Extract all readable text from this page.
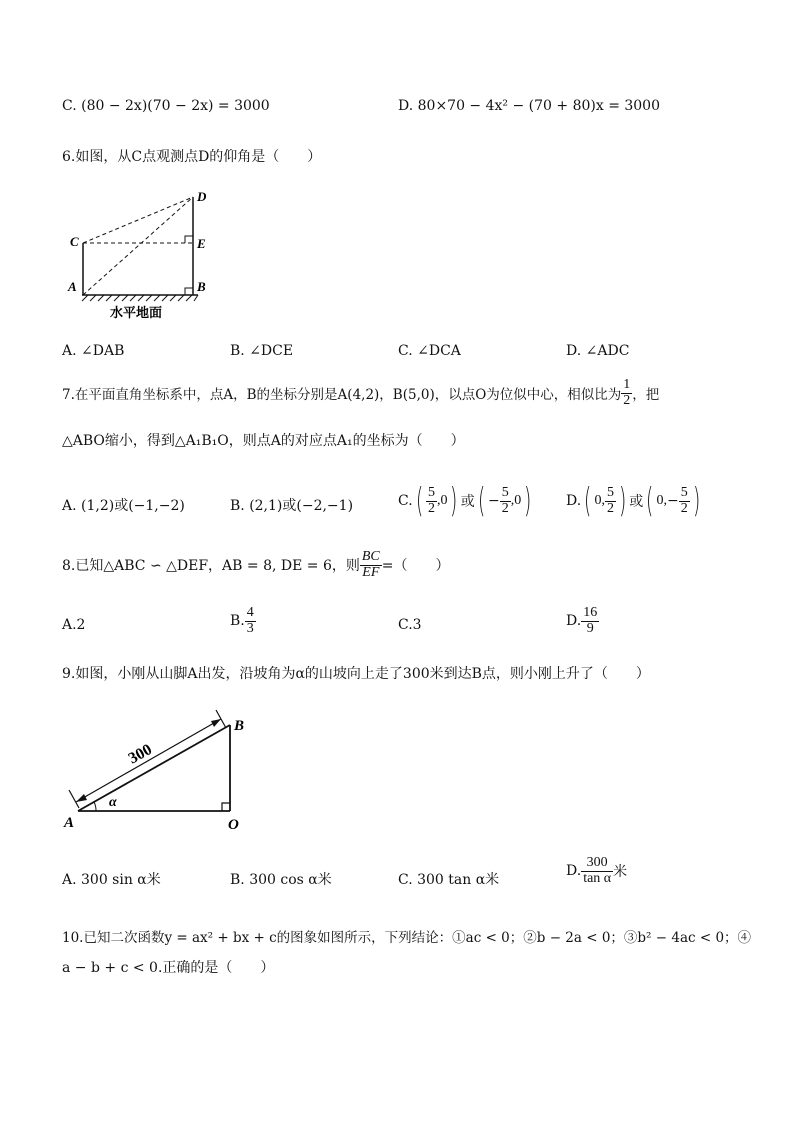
C. (80 − 2x)(70 − 2x) = 3000	D. 80×70 − 4x² − (70 + 80)x = 3000
6.如图，从C点观测点D的仰角是（　　）
D
C	E
A	B
水平地面
A. ∠DAB	B. ∠DCE	C. ∠DCA	D. ∠ADC
7.在平面直角坐标系中，点A，B的坐标分别是A(4,2)，B(5,0)，以点O为位似中心，相似比为 $\frac{1}{2}$ ，把
△ABO缩小，得到△A₁B₁O，则点A的对应点A₁的坐标为（　　）
A. (1,2)或(−1,−2)	B. (2,1)或(−2,−1)	$C.( \frac{5}{2} ,0)$ 或( − $\frac{5}{2} ,0$) D.( 0, $\frac{5}{2}$ ) 或( $0,- \frac{5}{2}$ )
8.已知△ABC ∽ △DEF，AB = 8, DE = 6，则 $\frac{BC}{EF}$ =（　　）
A.2	B. $\frac{4}{3}$	C.3	D. $\frac{16}{9}$
9.如图，小刚从山脚A出发，沿坡角为α的山坡向上走了300米到达B点，则小刚上升了（　　）
300
A
B
O
α
A. 300 sin α米	B. 300 cos α米	C. 300 tan α米
D. $\frac{300}{\text{tan α}}$ 米
10.已知二次函数y = ax² + bx + c的图象如图所示，下列结论：①ac < 0；②b − 2a < 0；③b² − 4ac < 0；④
a − b + c < 0.正确的是（　　）
